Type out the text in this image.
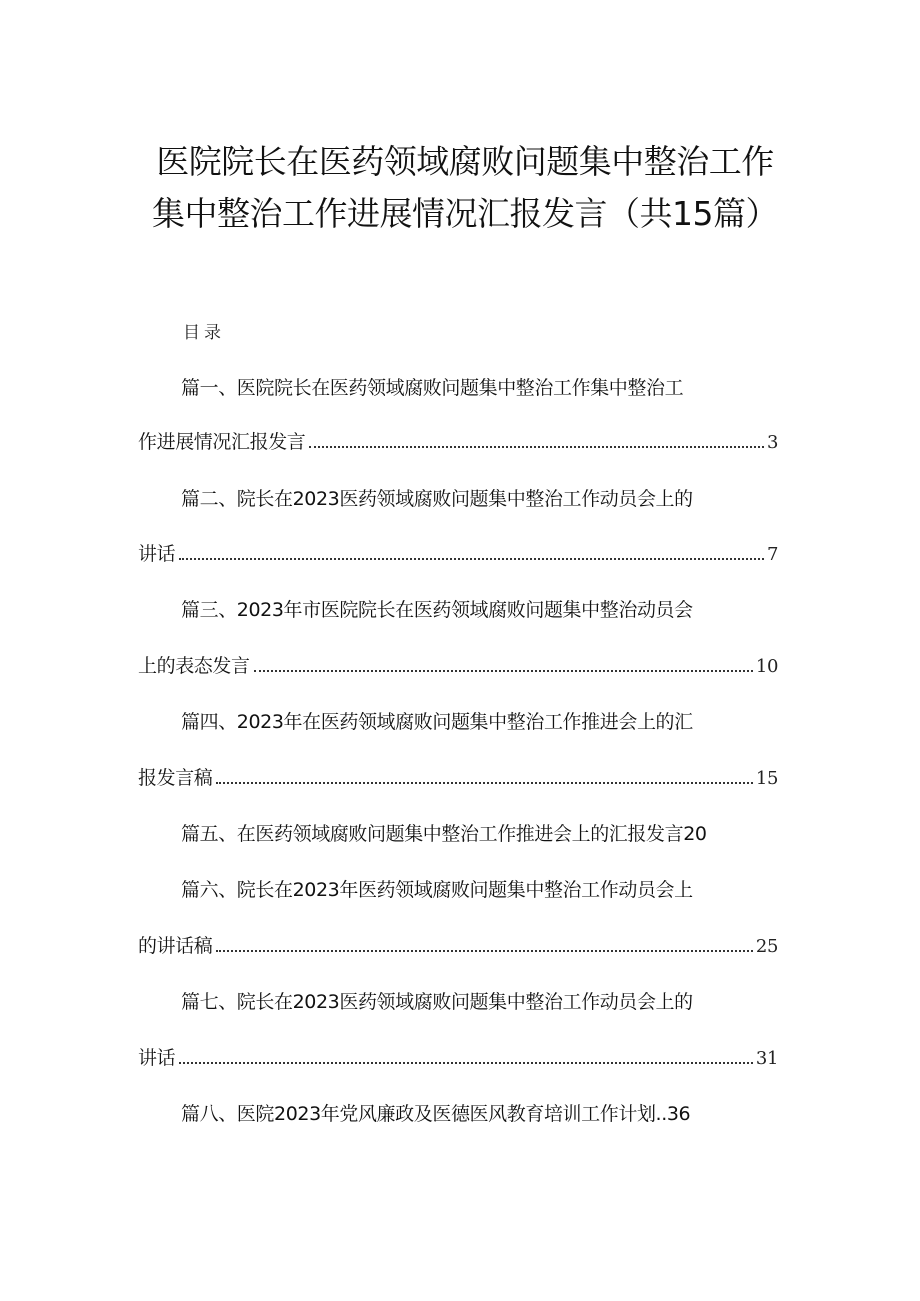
医院院长在医药领域腐败问题集中整治工作集中整治工作进展情况汇报发言（共15篇）
目录
篇一、医院院长在医药领域腐败问题集中整治工作集中整治工
作进展情况汇报发言	3
篇二、院长在2023医药领域腐败问题集中整治工作动员会上的
讲话	7
篇三、2023年市医院院长在医药领域腐败问题集中整治动员会
上的表态发言	10
篇四、2023年在医药领域腐败问题集中整治工作推进会上的汇
报发言稿	15
篇五、在医药领域腐败问题集中整治工作推进会上的汇报发言20
篇六、院长在2023年医药领域腐败问题集中整治工作动员会上
的讲话稿	25
篇七、院长在2023医药领域腐败问题集中整治工作动员会上的
讲话	31
篇八、医院2023年党风廉政及医德医风教育培训工作计划..36
